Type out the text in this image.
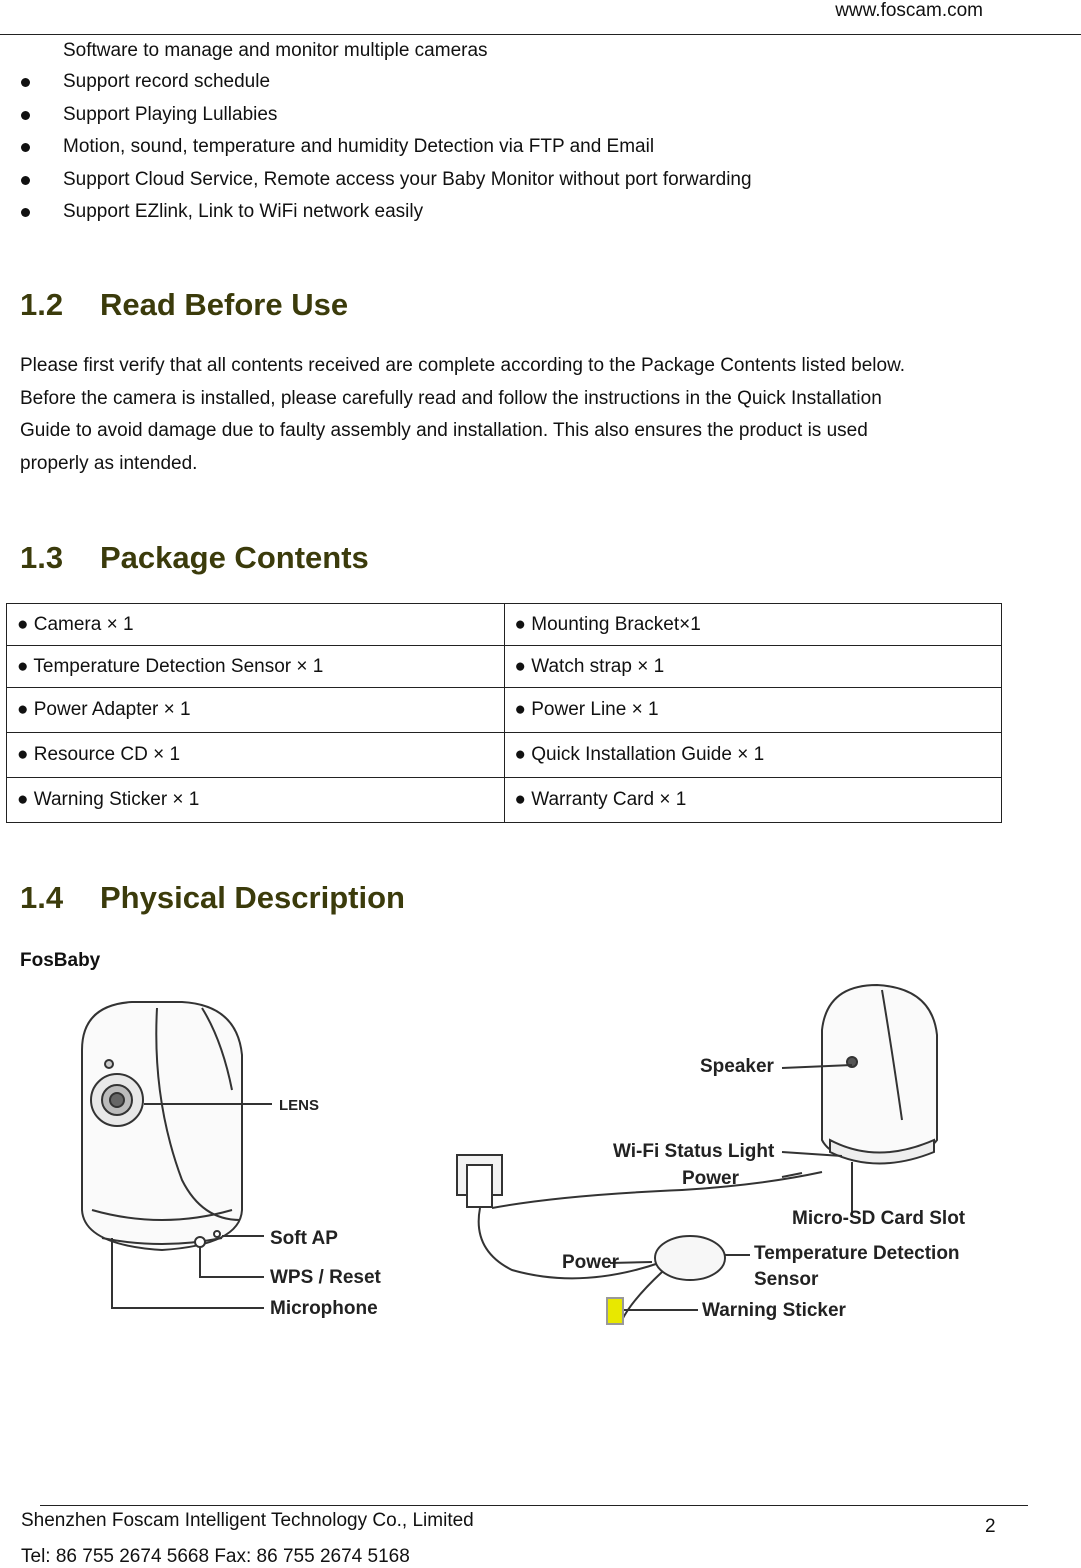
www.foscam.com
Software to manage and monitor multiple cameras
Support record schedule
Support Playing Lullabies
Motion, sound, temperature and humidity Detection via FTP and Email
Support Cloud Service, Remote access your Baby Monitor without port forwarding
Support EZlink, Link to WiFi network easily
1.2 Read Before Use

Please first verify that all contents received are complete according to the Package Contents listed below.

Before the camera is installed, please carefully read and follow the instructions in the Quick Installation

Guide to avoid damage due to faulty assembly and installation. This also ensures the product is used

properly as intended.

1.3 Package Contents
● Camera × 1	● Mounting Bracket×1
● Temperature Detection Sensor × 1	● Watch strap × 1
● Power Adapter × 1	● Power Line × 1
● Resource CD × 1	● Quick Installation Guide × 1
● Warning Sticker × 1	● Warranty Card × 1
1.4 Physical Description
FosBaby
LENS
Soft AP
WPS / Reset
Microphone
Speaker
Wi-Fi Status Light
Power
Micro-SD Card Slot
Power	Temperature Detection
Sensor
Warning Sticker
Shenzhen Foscam Intelligent Technology Co., Limited
Tel: 86 755 2674 5668 Fax: 86 755 2674 5168
2
